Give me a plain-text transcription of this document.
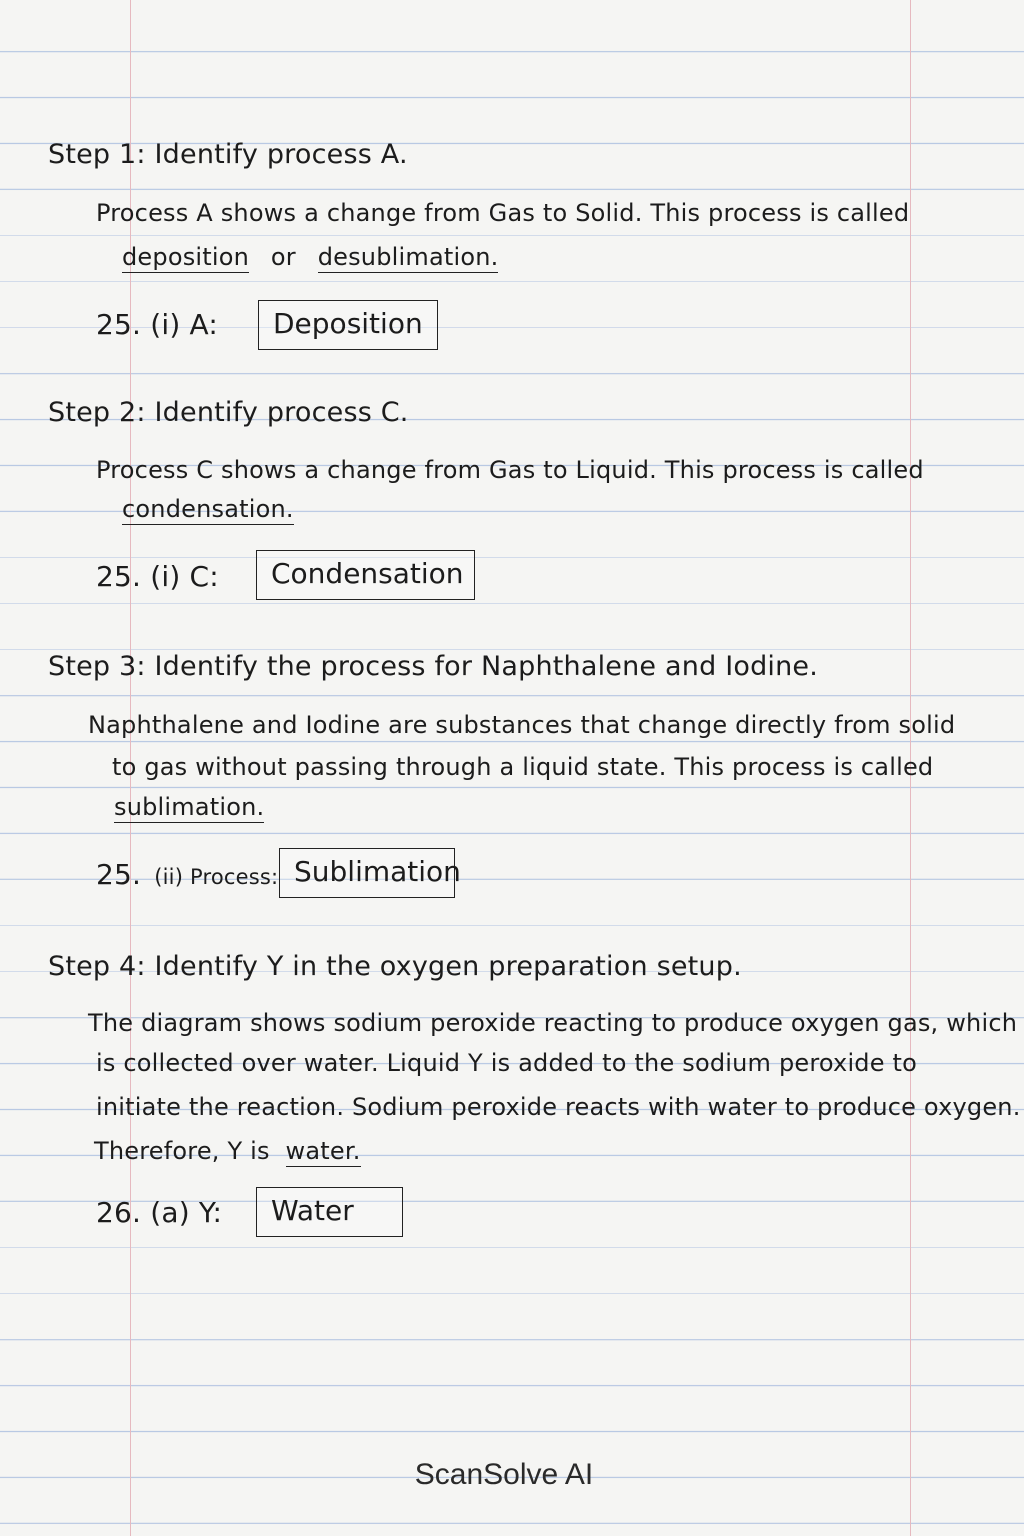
Step 1: Identify process A.
Process A shows a change from Gas to Solid. This process is called
deposition or desublimation.
25. (i) A:	Deposition
Step 2: Identify process C.
Process C shows a change from Gas to Liquid. This process is called
condensation.
25. (i) C:	Condensation
Step 3: Identify the process for Naphthalene and Iodine.
Naphthalene and Iodine are substances that change directly from solid
to gas without passing through a liquid state. This process is called
sublimation.
25. (ii) Process: Sublimation
Step 4: Identify Y in the oxygen preparation setup.
The diagram shows sodium peroxide reacting to produce oxygen gas, which
is collected over water. Liquid Y is added to the sodium peroxide to
initiate the reaction. Sodium peroxide reacts with water to produce oxygen.
Therefore, Y is water.
26. (a) Y:	Water
ScanSolve AI
